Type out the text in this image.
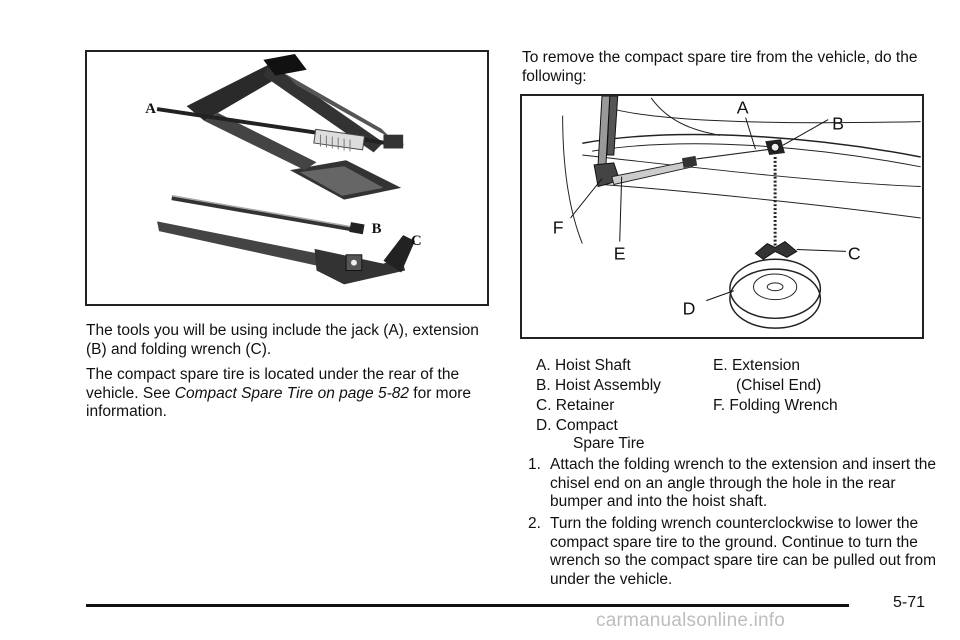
A
B
C

The tools you will be using include the jack (A), extension (B) and folding wrench (C).

The compact spare tire is located under the rear of the vehicle. See Compact Spare Tire on page 5-82 for more information.

To remove the compact spare tire from the vehicle, do the following:

A
B
C
D
E
F
A. Hoist Shaft
B. Hoist Assembly
C. Retainer
D. Compact
Spare Tire
E. Extension
(Chisel End)
F. Folding Wrench
1. Attach the folding wrench to the extension and insert the chisel end on an angle through the hole in the rear bumper and into the hoist shaft.
2. Turn the folding wrench counterclockwise to lower the compact spare tire to the ground. Continue to turn the wrench so the compact spare tire can be pulled out from under the vehicle.
5-71
carmanualsonline.info
